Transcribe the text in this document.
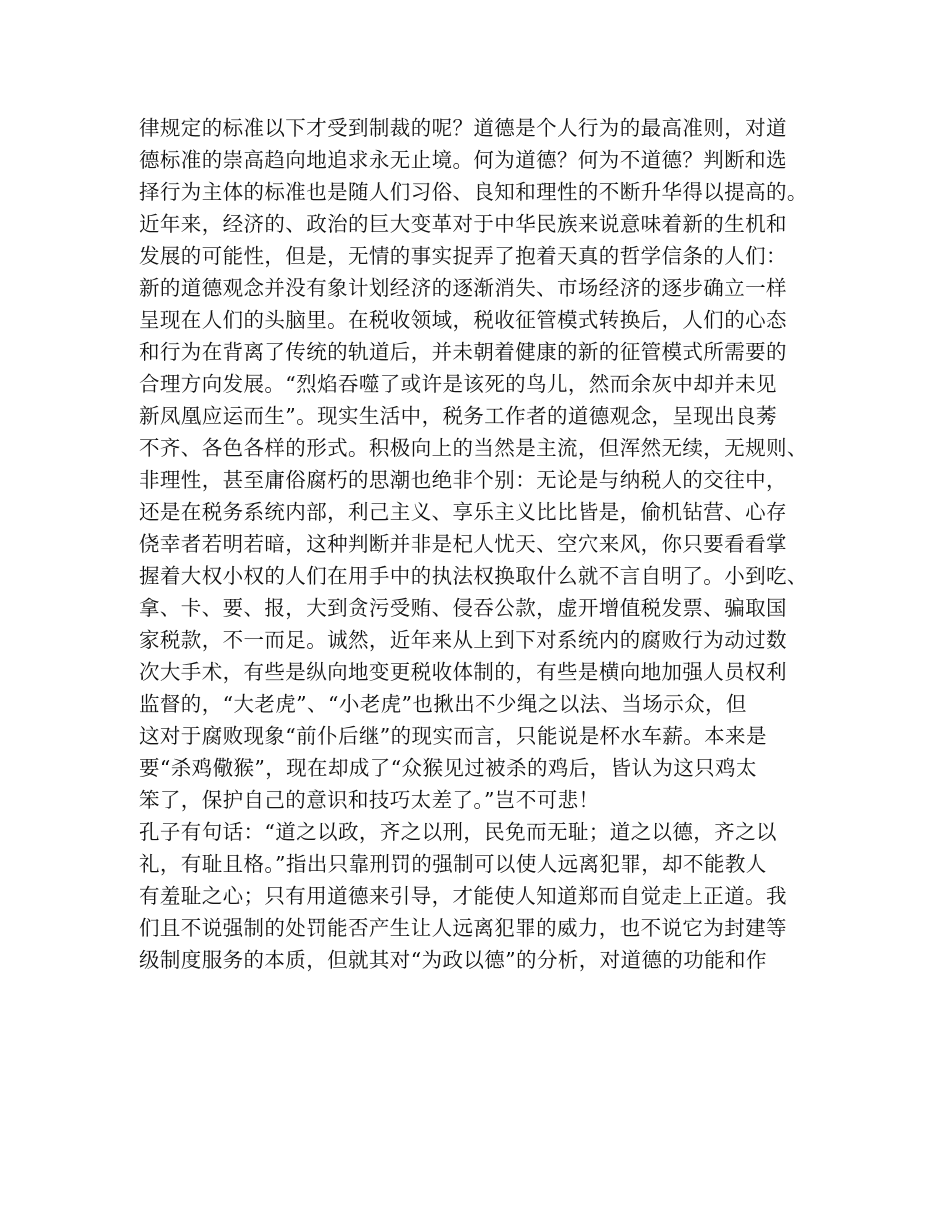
律规定的标准以下才受到制裁的呢？道德是个人行为的最高准则，对道
德标准的崇高趋向地追求永无止境。何为道德？何为不道德？判断和选
择行为主体的标准也是随人们习俗、良知和理性的不断升华得以提高的。
近年来，经济的、政治的巨大变革对于中华民族来说意味着新的生机和
发展的可能性，但是，无情的事实捉弄了抱着天真的哲学信条的人们：
新的道德观念并没有象计划经济的逐渐消失、市场经济的逐步确立一样
呈现在人们的头脑里。在税收领域，税收征管模式转换后，人们的心态
和行为在背离了传统的轨道后，并未朝着健康的新的征管模式所需要的
合理方向发展。“烈焰吞噬了或许是该死的鸟儿，然而余灰中却并未见
新凤凰应运而生”。现实生活中，税务工作者的道德观念，呈现出良莠
不齐、各色各样的形式。积极向上的当然是主流，但浑然无续，无规则、
非理性，甚至庸俗腐朽的思潮也绝非个别：无论是与纳税人的交往中，
还是在税务系统内部，利己主义、享乐主义比比皆是，偷机钻营、心存
侥幸者若明若暗，这种判断并非是杞人忧天、空穴来风，你只要看看掌
握着大权小权的人们在用手中的执法权换取什么就不言自明了。小到吃、
拿、卡、要、报，大到贪污受贿、侵吞公款，虚开增值税发票、骗取国
家税款，不一而足。诚然，近年来从上到下对系统内的腐败行为动过数
次大手术，有些是纵向地变更税收体制的，有些是横向地加强人员权利
监督的，“大老虎”、“小老虎”也揪出不少绳之以法、当场示众，但
这对于腐败现象“前仆后继”的现实而言，只能说是杯水车薪。本来是
要“杀鸡儆猴”，现在却成了“众猴见过被杀的鸡后，皆认为这只鸡太
笨了，保护自己的意识和技巧太差了。”岂不可悲！
孔子有句话：“道之以政，齐之以刑，民免而无耻；道之以德，齐之以
礼，有耻且格。”指出只靠刑罚的强制可以使人远离犯罪，却不能教人
有羞耻之心；只有用道德来引导，才能使人知道郑而自觉走上正道。我
们且不说强制的处罚能否产生让人远离犯罪的威力，也不说它为封建等
级制度服务的本质，但就其对“为政以德”的分析，对道德的功能和作
